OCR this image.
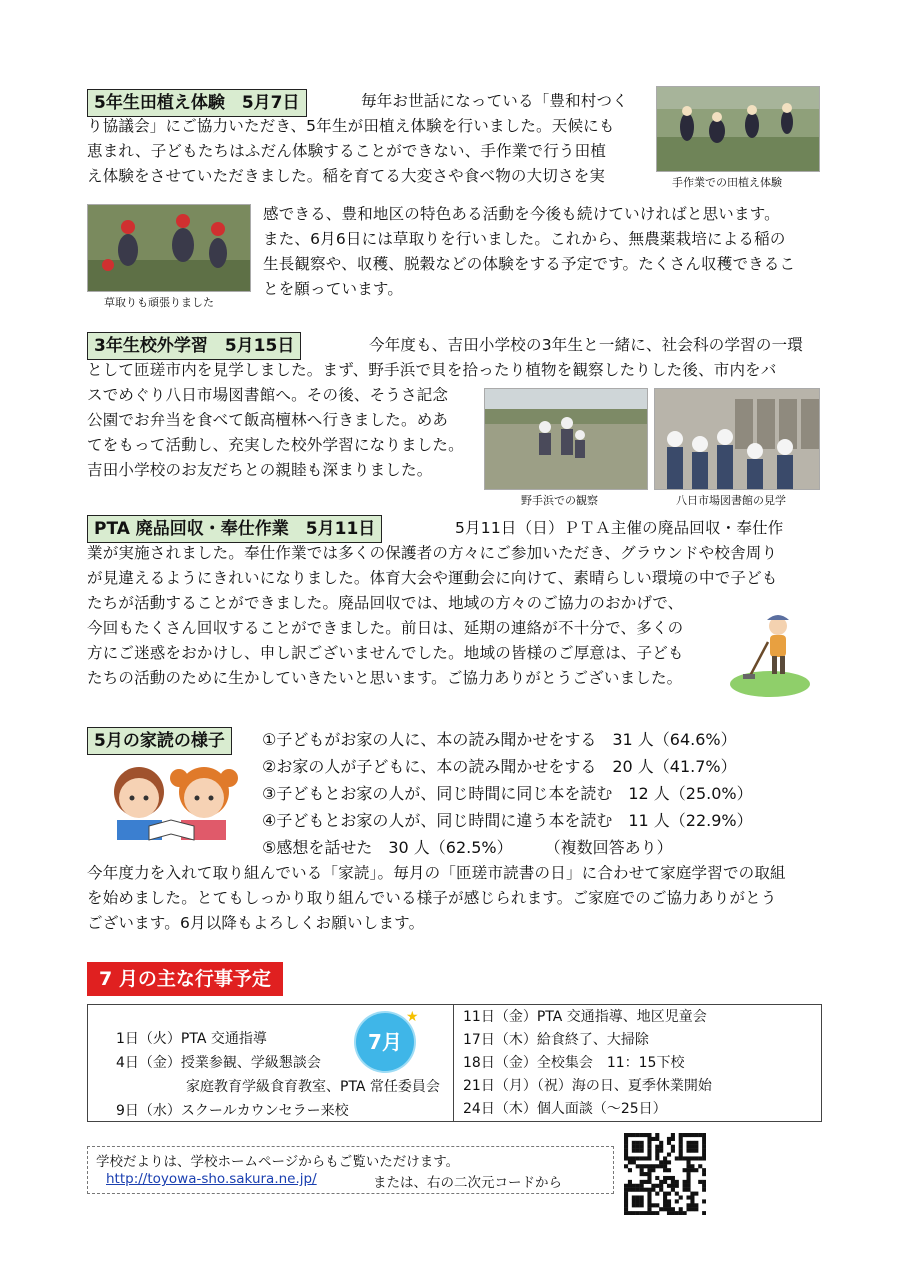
5年生田植え体験　5月7日	毎年お世話になっている「豊和村つく
り協議会」にご協力いただき、5年生が田植え体験を行いました。天候にも
恵まれ、子どもたちはふだん体験することができない、手作業で行う田植
え体験をさせていただきました。稲を育てる大変さや食べ物の大切さを実
感できる、豊和地区の特色ある活動を今後も続けていければと思います。
また、6月6日には草取りを行いました。これから、無農薬栽培による稲の
生長観察や、収穫、脱穀などの体験をする予定です。たくさん収穫できるこ
とを願っています。
手作業での田植え体験
草取りも頑張りました
3年生校外学習　5月15日	今年度も、吉田小学校の3年生と一緒に、社会科の学習の一環
として匝瑳市内を見学しました。まず、野手浜で貝を拾ったり植物を観察したりした後、市内をバ
スでめぐり八日市場図書館へ。その後、そうさ記念
公園でお弁当を食べて飯高檀林へ行きました。めあ
てをもって活動し、充実した校外学習になりました。
吉田小学校のお友だちとの親睦も深まりました。
野手浜での観察	八日市場図書館の見学
PTA 廃品回収・奉仕作業　5月11日	5月11日（日）ＰＴＡ主催の廃品回収・奉仕作
業が実施されました。奉仕作業では多くの保護者の方々にご参加いただき、グラウンドや校舎周り
が見違えるようにきれいになりました。体育大会や運動会に向けて、素晴らしい環境の中で子ども
たちが活動することができました。廃品回収では、地域の方々のご協力のおかげで、
今回もたくさん回収することができました。前日は、延期の連絡が不十分で、多くの
方にご迷惑をおかけし、申し訳ございませんでした。地域の皆様のご厚意は、子ども
たちの活動のために生かしていきたいと思います。ご協力ありがとうございました。
5月の家読の様子	①子どもがお家の人に、本の読み聞かせをする　31 人（64.6%）
②お家の人が子どもに、本の読み聞かせをする　20 人（41.7%）
③子どもとお家の人が、同じ時間に同じ本を読む　12 人（25.0%）
④子どもとお家の人が、同じ時間に違う本を読む　11 人（22.9%）
⑤感想を話せた　30 人（62.5%）　　　（複数回答あり）
今年度力を入れて取り組んでいる「家読」。毎月の「匝瑳市読書の日」に合わせて家庭学習での取組
を始めました。とてもしっかり取り組んでいる様子が感じられます。ご家庭でのご協力ありがとう
ございます。6月以降もよろしくお願いします。
7 月の主な行事予定
1日（火）PTA 交通指導
4日（金）授業参観、学級懇談会
　　　　　家庭教育学級食育教室、PTA 常任委員会
9日（水）スクールカウンセラー来校
7月
★	11日（金）PTA 交通指導、地区児童会
17日（木）給食終了、大掃除
18日（金）全校集会　11：15下校
21日（月）（祝）海の日、夏季休業開始
24日（木）個人面談（～25日）
学校だよりは、学校ホームページからもご覧いただけます。
http://toyowa-sho.sakura.ne.jp/	または、右の二次元コードから
